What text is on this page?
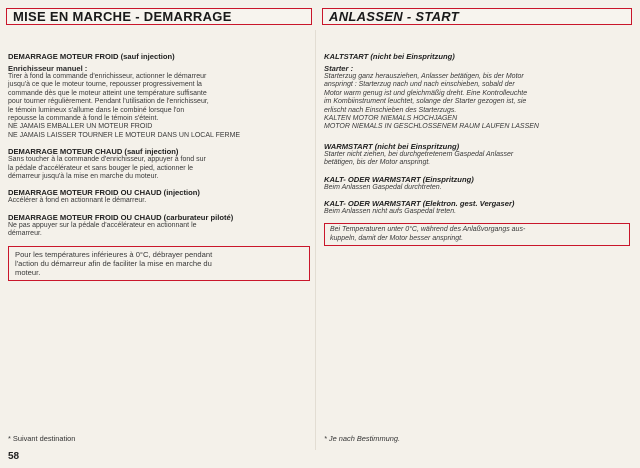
MISE EN MARCHE - DEMARRAGE
DEMARRAGE MOTEUR FROID (sauf injection)
Enrichisseur manuel :
Tirer à fond la commande d'enrichisseur, actionner le démarreur
jusqu'à ce que le moteur tourne, repousser progressivement la
commande dès que le moteur atteint une température suffisante
pour tourner régulièrement. Pendant l'utilisation de l'enrichisseur,
le témoin lumineux s'allume dans le combiné lorsque l'on
repousse la commande à fond le témoin s'éteint.
NE JAMAIS EMBALLER UN MOTEUR FROID
NE JAMAIS LAISSER TOURNER LE MOTEUR DANS UN LOCAL FERME
DEMARRAGE MOTEUR CHAUD (sauf injection)
Sans toucher à la commande d'enrichisseur, appuyer à fond sur
la pédale d'accélérateur et sans bouger le pied, actionner le
démarreur jusqu'à la mise en marche du moteur.
DEMARRAGE MOTEUR FROID OU CHAUD (injection)
Accélérer à fond en actionnant le démarreur.
DEMARRAGE MOTEUR FROID OU CHAUD (carburateur piloté)
Ne pas appuyer sur la pédale d'accélérateur en actionnant le
démarreur.
Pour les températures inférieures à 0°C, débrayer pendant
l'action du démarreur afin de faciliter la mise en marche du
moteur.
* Suivant destination
ANLASSEN - START
KALTSTART (nicht bei Einspritzung)
Starter :
Starterzug ganz herausziehen, Anlasser betätigen, bis der Motor
anspringt : Starterzug nach und nach einschieben, sobald der
Motor warm genug ist und gleichmäßig dreht. Eine Kontrolleuchte
im Kombiinstrument leuchtet, solange der Starter gezogen ist, sie
erlischt nach Einschieben des Starterzugs.
KALTEN MOTOR NIEMALS HOCHJAGEN
MOTOR NIEMALS IN GESCHLOSSENEM RAUM LAUFEN LASSEN
WARMSTART (nicht bei Einspritzung)
Starter nicht ziehen, bei durchgetretenem Gaspedal Anlasser
betätigen, bis der Motor anspringt.
KALT- ODER WARMSTART (Einspritzung)
Beim Anlassen Gaspedal durchtreten.
KALT- ODER WARMSTART (Elektron. gest. Vergaser)
Beim Anlassen nicht aufs Gaspedal treten.
Bei Temperaturen unter 0°C, während des Anlaßvorgangs aus-
kuppeln, damit der Motor besser anspringt.
* Je nach Bestimmung.
58
